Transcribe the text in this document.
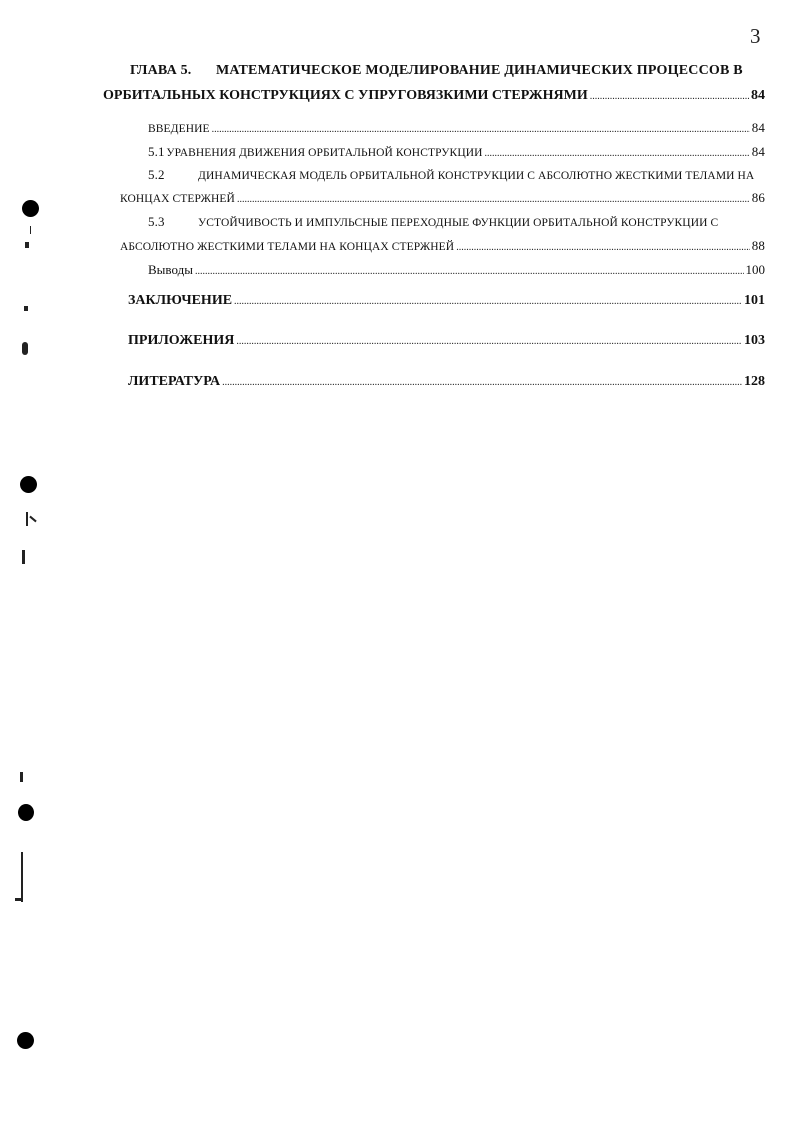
3
ГЛАВА 5. МАТЕМАТИЧЕСКОЕ МОДЕЛИРОВАНИЕ ДИНАМИЧЕСКИХ ПРОЦЕССОВ В
ОРБИТАЛЬНЫХ КОНСТРУКЦИЯХ С УПРУГОВЯЗКИМИ СТЕРЖНЯМИ .....	84
ВВЕДЕНИЕ .....	84
5.1 УРАВНЕНИЯ ДВИЖЕНИЯ ОРБИТАЛЬНОЙ КОНСТРУКЦИИ .....	84
5.2	ДИНАМИЧЕСКАЯ МОДЕЛЬ ОРБИТАЛЬНОЙ КОНСТРУКЦИИ С АБСОЛЮТНО ЖЕСТКИМИ ТЕЛАМИ НА
КОНЦАХ СТЕРЖНЕЙ .....	86
5.3	УСТОЙЧИВОСТЬ И ИМПУЛЬСНЫЕ ПЕРЕХОДНЫЕ ФУНКЦИИ ОРБИТАЛЬНОЙ КОНСТРУКЦИИ С
АБСОЛЮТНО ЖЕСТКИМИ ТЕЛАМИ НА КОНЦАХ СТЕРЖНЕЙ .....	88
Выводы .....	100
ЗАКЛЮЧЕНИЕ .....	101
ПРИЛОЖЕНИЯ .....	103
ЛИТЕРАТУРА .....	128
